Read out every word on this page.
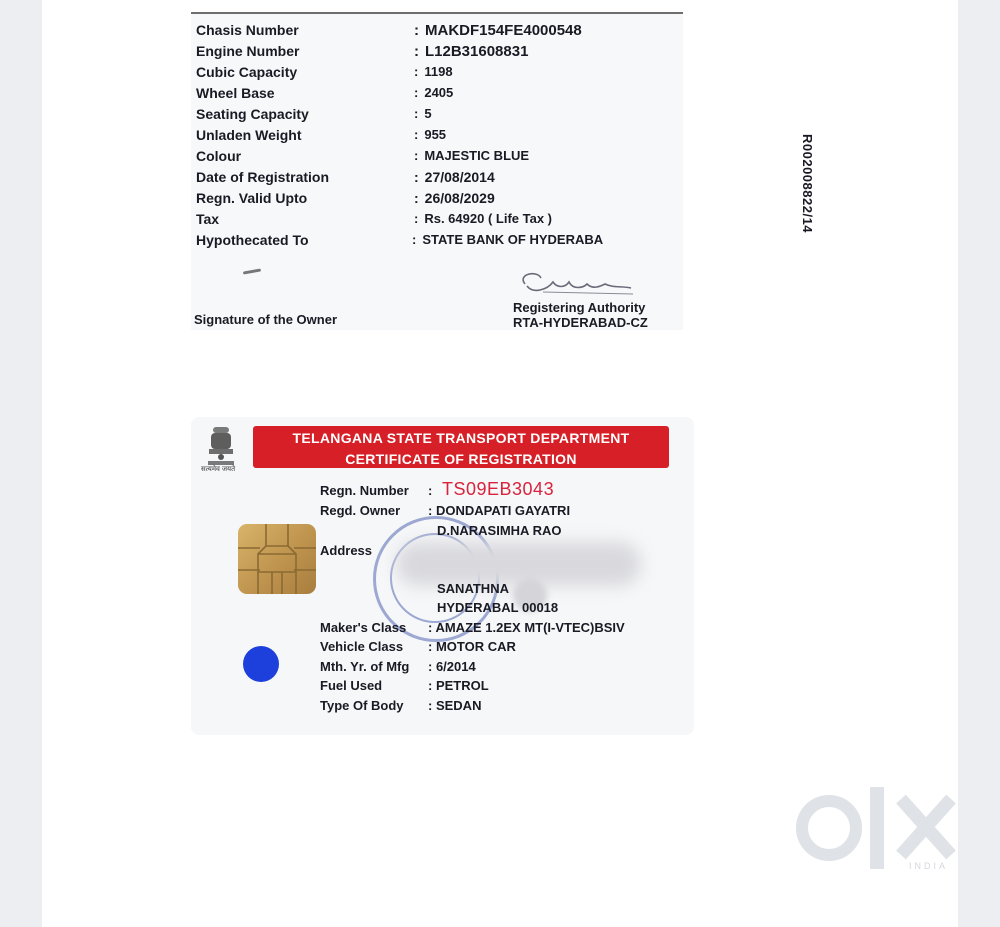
Chasis Number	: MAKDF154FE4000548
Engine Number	: L12B31608831
Cubic Capacity	: 1198
Wheel Base	: 2405
Seating Capacity	: 5
Unladen Weight	: 955
Colour	: MAJESTIC BLUE
Date of Registration	: 27/08/2014
Regn. Valid Upto	: 26/08/2029
Tax	: Rs. 64920 ( Life Tax )
Hypothecated To	: STATE BANK OF HYDERABA
R002008822/14
Signature of the Owner
Registering Authority
RTA-HYDERABAD-CZ
सत्यमेव जयते
TELANGANA STATE TRANSPORT DEPARTMENT
CERTIFICATE OF REGISTRATION
Regn. Number : TS09EB3043
Regd. Owner : DONDAPATI GAYATRI
D.NARASIMHA RAO
Address
SANATHNA
HYDERABAL 00018
Maker's Class : AMAZE 1.2EX MT(I-VTEC)BSIV
Vehicle Class : MOTOR CAR
Mth. Yr. of Mfg : 6/2014
Fuel Used	: PETROL
Type Of Body : SEDAN
INDIA
